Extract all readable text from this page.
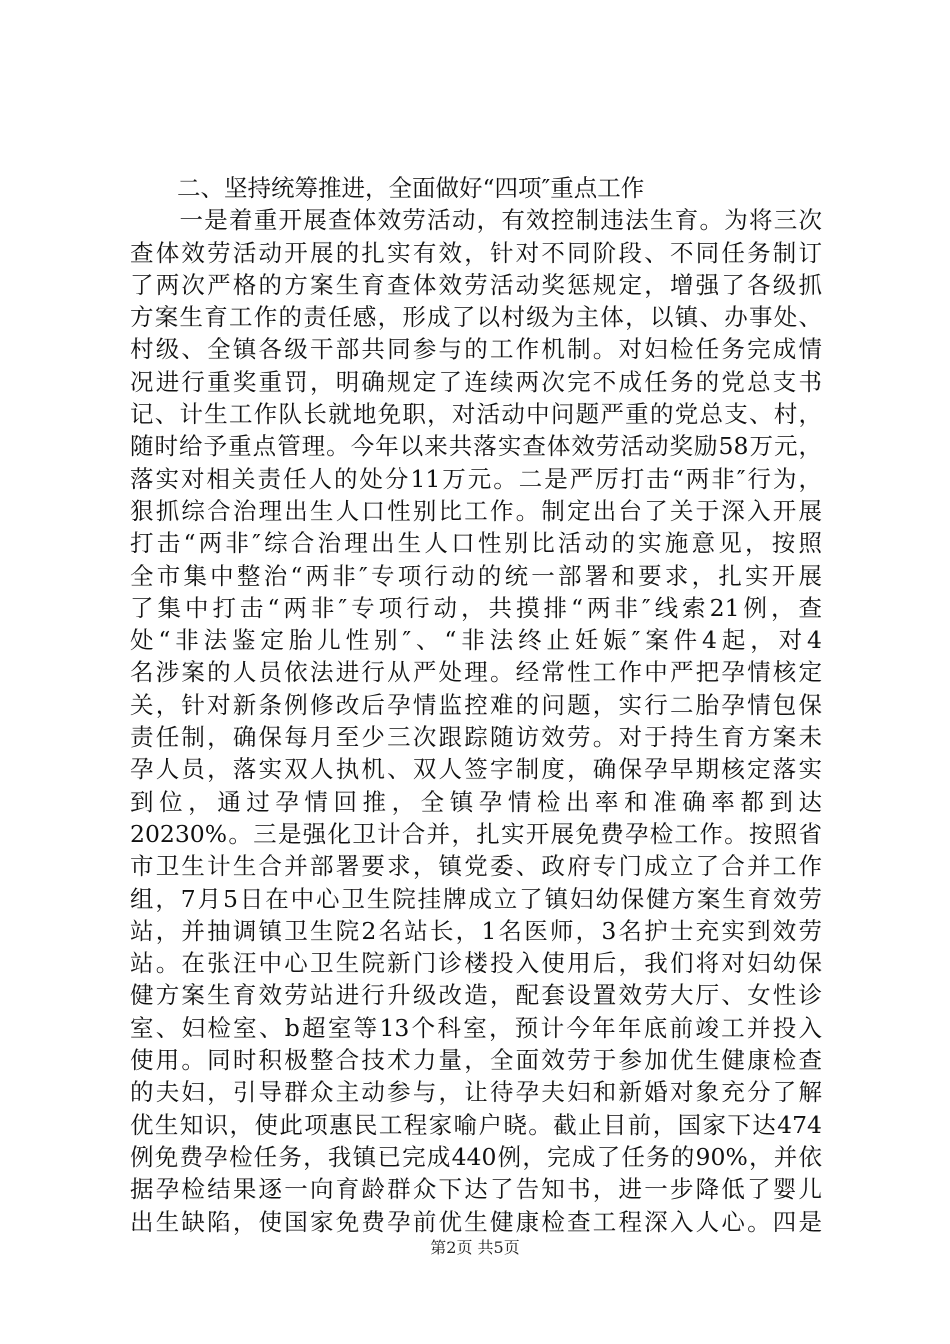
　　二、坚持统筹推进，全面做好“四项″重点工作
　　一是着重开展查体效劳活动，有效控制违法生育。为将三次
查体效劳活动开展的扎实有效，针对不同阶段、不同任务制订
了两次严格的方案生育查体效劳活动奖惩规定，增强了各级抓
方案生育工作的责任感，形成了以村级为主体，以镇、办事处、
村级、全镇各级干部共同参与的工作机制。对妇检任务完成情
况进行重奖重罚，明确规定了连续两次完不成任务的党总支书
记、计生工作队长就地免职，对活动中问题严重的党总支、村，
随时给予重点管理。今年以来共落实查体效劳活动奖励58万元，
落实对相关责任人的处分11万元。二是严厉打击“两非″行为，
狠抓综合治理出生人口性别比工作。制定出台了关于深入开展
打击“两非″综合治理出生人口性别比活动的实施意见，按照
全市集中整治“两非″专项行动的统一部署和要求，扎实开展
了集中打击“两非″专项行动，共摸排“两非″线索21例，查
处“非法鉴定胎儿性别″、“非法终止妊娠″案件4起，对4
名涉案的人员依法进行从严处理。经常性工作中严把孕情核定
关，针对新条例修改后孕情监控难的问题，实行二胎孕情包保
责任制，确保每月至少三次跟踪随访效劳。对于持生育方案未
孕人员，落实双人执机、双人签字制度，确保孕早期核定落实
到位，通过孕情回推，全镇孕情检出率和准确率都到达
20230%。三是强化卫计合并，扎实开展免费孕检工作。按照省
市卫生计生合并部署要求，镇党委、政府专门成立了合并工作
组，7月5日在中心卫生院挂牌成立了镇妇幼保健方案生育效劳
站，并抽调镇卫生院2名站长，1名医师，3名护士充实到效劳
站。在张汪中心卫生院新门诊楼投入使用后，我们将对妇幼保
健方案生育效劳站进行升级改造，配套设置效劳大厅、女性诊
室、妇检室、b超室等13个科室，预计今年年底前竣工并投入
使用。同时积极整合技术力量，全面效劳于参加优生健康检查
的夫妇，引导群众主动参与，让待孕夫妇和新婚对象充分了解
优生知识，使此项惠民工程家喻户晓。截止目前，国家下达474
例免费孕检任务，我镇已完成440例，完成了任务的90%，并依
据孕检结果逐一向育龄群众下达了告知书，进一步降低了婴儿
出生缺陷，使国家免费孕前优生健康检查工程深入人心。四是
第2页 共5页
